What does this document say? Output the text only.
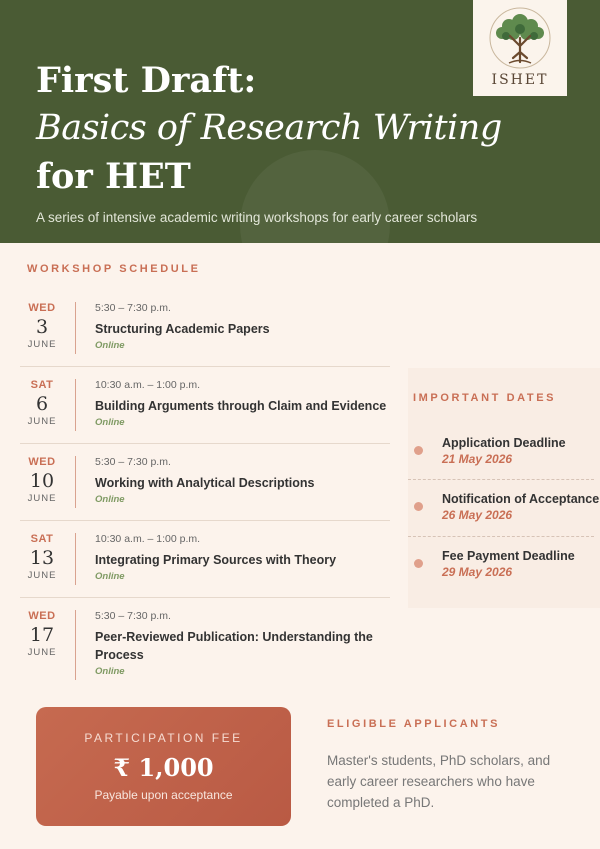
First Draft:
Basics of Research Writing
for HET
A series of intensive academic writing workshops for early career scholars
ISHET
WORKSHOP SCHEDULE
WED
3
JUNE
5:30 – 7:30 p.m.
Structuring Academic Papers
Online
SAT
6
JUNE
10:30 a.m. – 1:00 p.m.
Building Arguments through Claim and Evidence
Online
WED
10
JUNE
5:30 – 7:30 p.m.
Working with Analytical Descriptions
Online
SAT
13
JUNE
10:30 a.m. – 1:00 p.m.
Integrating Primary Sources with Theory
Online
WED
17
JUNE
5:30 – 7:30 p.m.
Peer-Reviewed Publication: Understanding the Process
Online
IMPORTANT DATES
Application Deadline
21 May 2026
Notification of Acceptance
26 May 2026
Fee Payment Deadline
29 May 2026
PARTICIPATION FEE
₹ 1,000
Payable upon acceptance
ELIGIBLE APPLICANTS
Master's students, PhD scholars, and early career researchers who have completed a PhD.
